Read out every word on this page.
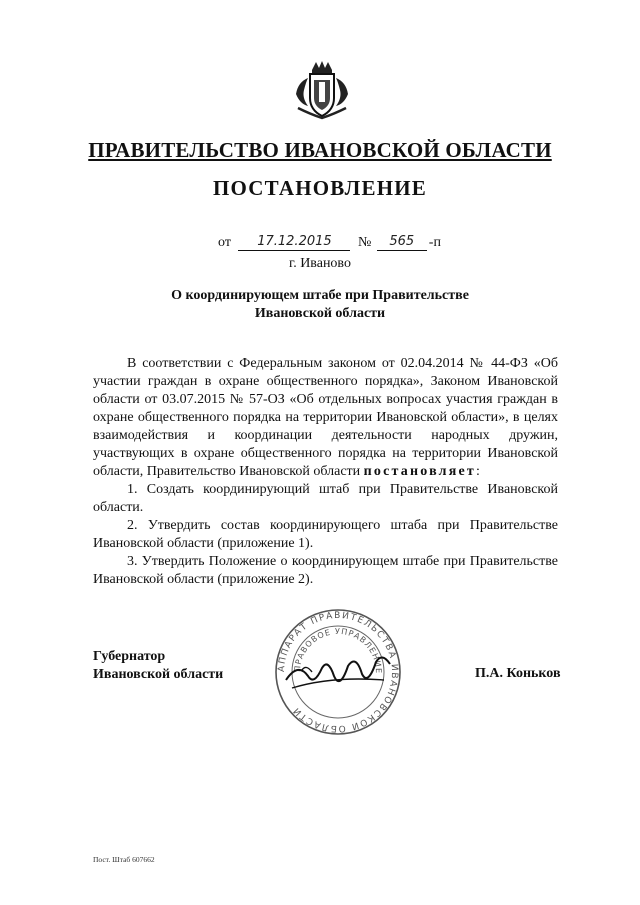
ПРАВИТЕЛЬСТВО ИВАНОВСКОЙ ОБЛАСТИ
ПОСТАНОВЛЕНИЕ
от 17.12.2015 № 565 -п
г. Иваново
О координирующем штабе при Правительстве
Ивановской области

В соответствии с Федеральным законом от 02.04.2014 № 44-ФЗ «Об участии граждан в охране общественного порядка», Законом Ивановской области от 03.07.2015 № 57-ОЗ «Об отдельных вопросах участия граждан в охране общественного порядка на территории Ивановской области», в целях взаимодействия и координации деятельности народных дружин, участвующих в охране общественного порядка на территории Ивановской области, Правительство Ивановской области постановляет:

1. Создать координирующий штаб при Правительстве Ивановской области.

2. Утвердить состав координирующего штаба при Правительстве Ивановской области (приложение 1).

3. Утвердить Положение о координирующем штабе при Правительстве Ивановской области (приложение 2).

Губернатор
Ивановской области	АППАРАТ ПРАВИТЕЛЬСТВА ИВАНОВСКОЙ ОБЛАСТИ
ПРАВОВОЕ УПРАВЛЕНИЕ	П.А. Коньков
Пост. Штаб 607662
